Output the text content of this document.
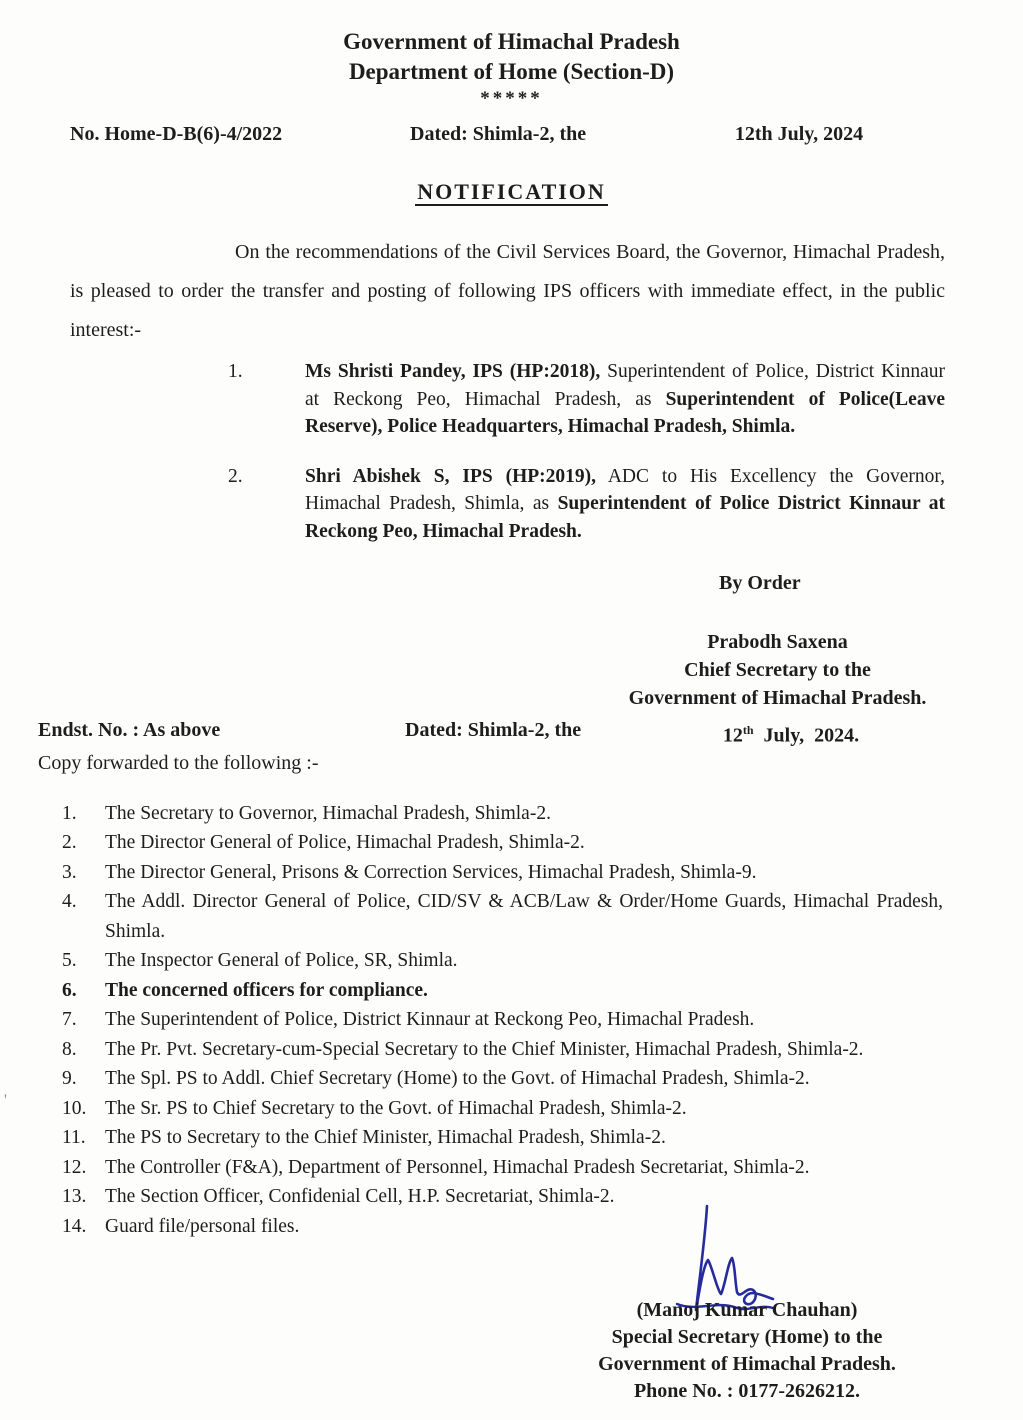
Government of Himachal Pradesh
Department of Home (Section-D)
*****
No. Home-D-B(6)-4/2022	Dated: Shimla-2, the	12th July, 2024
NOTIFICATION

On the recommendations of the Civil Services Board, the Governor, Himachal Pradesh, is pleased to order the transfer and posting of following IPS officers with immediate effect, in the public interest:-

1.	Ms Shristi Pandey, IPS (HP:2018), Superintendent of Police, District Kinnaur at Reckong Peo, Himachal Pradesh, as Superintendent of Police(Leave Reserve), Police Headquarters, Himachal Pradesh, Shimla.
2.	Shri Abishek S, IPS (HP:2019), ADC to His Excellency the Governor, Himachal Pradesh, Shimla, as Superintendent of Police District Kinnaur at Reckong Peo, Himachal Pradesh.
By Order
Prabodh Saxena
Chief Secretary to the
Government of Himachal Pradesh.
Endst. No. : As above	Dated: Shimla-2, the	12th July, 2024.
Copy forwarded to the following :-
1.	The Secretary to Governor, Himachal Pradesh, Shimla-2.
2.	The Director General of Police, Himachal Pradesh, Shimla-2.
3.	The Director General, Prisons & Correction Services, Himachal Pradesh, Shimla-9.
4.	The Addl. Director General of Police, CID/SV & ACB/Law & Order/Home Guards, Himachal Pradesh, Shimla.
5.	The Inspector General of Police, SR, Shimla.
6.	The concerned officers for compliance.
7.	The Superintendent of Police, District Kinnaur at Reckong Peo, Himachal Pradesh.
8.	The Pr. Pvt. Secretary-cum-Special Secretary to the Chief Minister, Himachal Pradesh, Shimla-2.
9.	The Spl. PS to Addl. Chief Secretary (Home) to the Govt. of Himachal Pradesh, Shimla-2.
10. The Sr. PS to Chief Secretary to the Govt. of Himachal Pradesh, Shimla-2.
11. The PS to Secretary to the Chief Minister, Himachal Pradesh, Shimla-2.
12. The Controller (F&A), Department of Personnel, Himachal Pradesh Secretariat, Shimla-2.
13. The Section Officer, Confidenial Cell, H.P. Secretariat, Shimla-2.
14. Guard file/personal files.
'
(Manoj Kumar Chauhan)
Special Secretary (Home) to the
Government of Himachal Pradesh.
Phone No. : 0177-2626212.
